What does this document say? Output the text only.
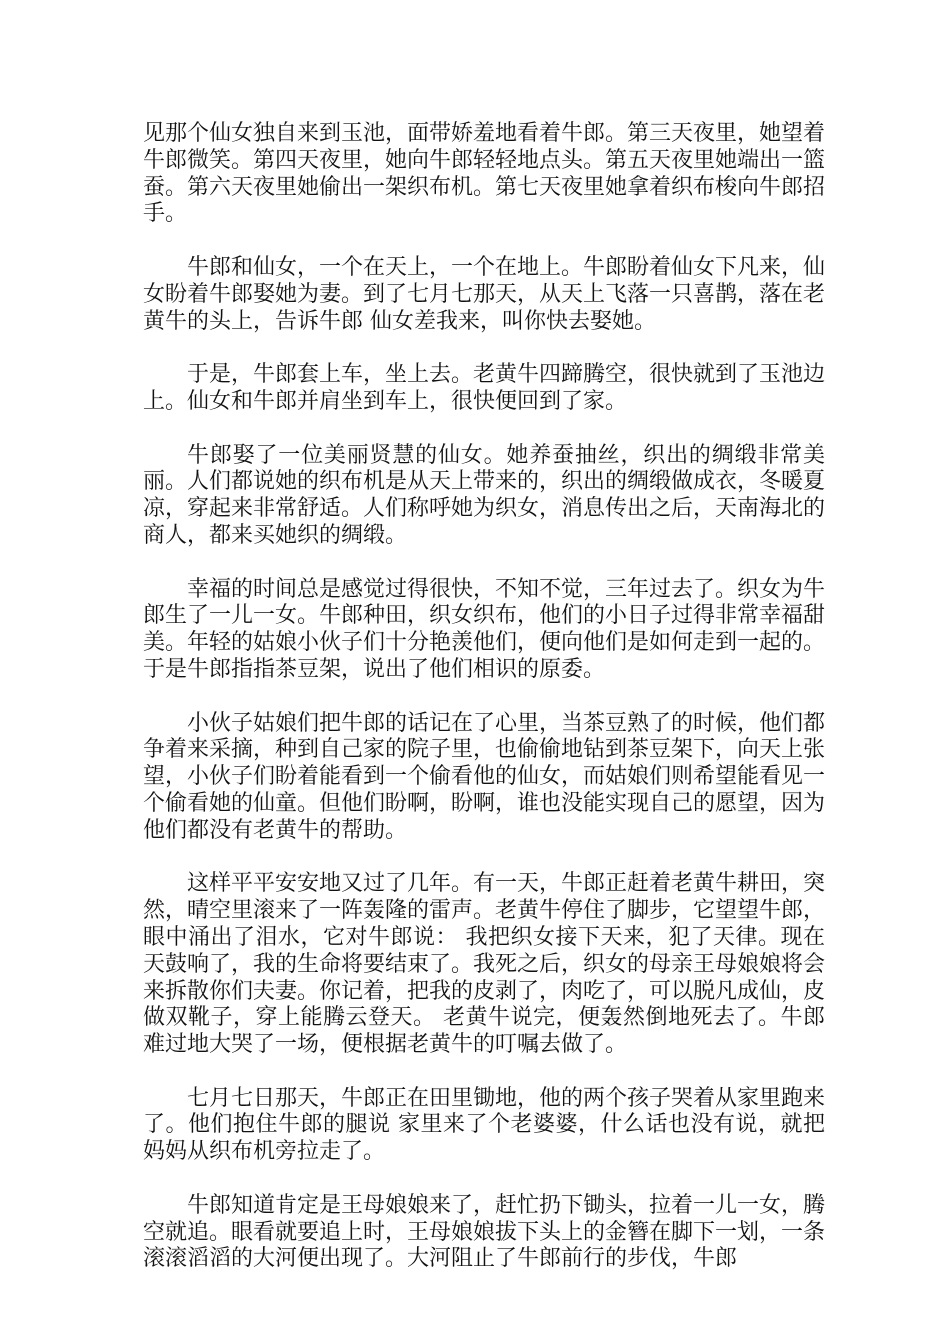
见那个仙女独自来到玉池，面带娇羞地看着牛郎。第三天夜里，她望着牛郎微笑。第四天夜里，她向牛郎轻轻地点头。第五天夜里她端出一篮蚕。第六天夜里她偷出一架织布机。第七天夜里她拿着织布梭向牛郎招手。

牛郎和仙女，一个在天上，一个在地上。牛郎盼着仙女下凡来，仙女盼着牛郎娶她为妻。到了七月七那天，从天上飞落一只喜鹊，落在老黄牛的头上，告诉牛郎 仙女差我来，叫你快去娶她。

于是，牛郎套上车，坐上去。老黄牛四蹄腾空，很快就到了玉池边上。仙女和牛郎并肩坐到车上，很快便回到了家。

牛郎娶了一位美丽贤慧的仙女。她养蚕抽丝，织出的绸缎非常美丽。人们都说她的织布机是从天上带来的，织出的绸缎做成衣，冬暖夏凉，穿起来非常舒适。人们称呼她为织女，消息传出之后，天南海北的商人，都来买她织的绸缎。

幸福的时间总是感觉过得很快，不知不觉，三年过去了。织女为牛郎生了一儿一女。牛郎种田，织女织布，他们的小日子过得非常幸福甜美。年轻的姑娘小伙子们十分艳羡他们，便向他们是如何走到一起的。于是牛郎指指茶豆架，说出了他们相识的原委。

小伙子姑娘们把牛郎的话记在了心里，当茶豆熟了的时候，他们都争着来采摘，种到自己家的院子里，也偷偷地钻到茶豆架下，向天上张望，小伙子们盼着能看到一个偷看他的仙女，而姑娘们则希望能看见一个偷看她的仙童。但他们盼啊，盼啊，谁也没能实现自己的愿望，因为他们都没有老黄牛的帮助。

这样平平安安地又过了几年。有一天，牛郎正赶着老黄牛耕田，突然，晴空里滚来了一阵轰隆的雷声。老黄牛停住了脚步，它望望牛郎，眼中涌出了泪水，它对牛郎说： 我把织女接下天来，犯了天律。现在天鼓响了，我的生命将要结束了。我死之后，织女的母亲王母娘娘将会来拆散你们夫妻。你记着，把我的皮剥了，肉吃了，可以脱凡成仙，皮做双靴子，穿上能腾云登天。 老黄牛说完，便轰然倒地死去了。牛郎难过地大哭了一场，便根据老黄牛的叮嘱去做了。

七月七日那天，牛郎正在田里锄地，他的两个孩子哭着从家里跑来了。他们抱住牛郎的腿说 家里来了个老婆婆，什么话也没有说，就把妈妈从织布机旁拉走了。

牛郎知道肯定是王母娘娘来了，赶忙扔下锄头，拉着一儿一女，腾空就追。眼看就要追上时，王母娘娘拔下头上的金簪在脚下一划，一条滚滚滔滔的大河便出现了。大河阻止了牛郎前行的步伐，牛郎
